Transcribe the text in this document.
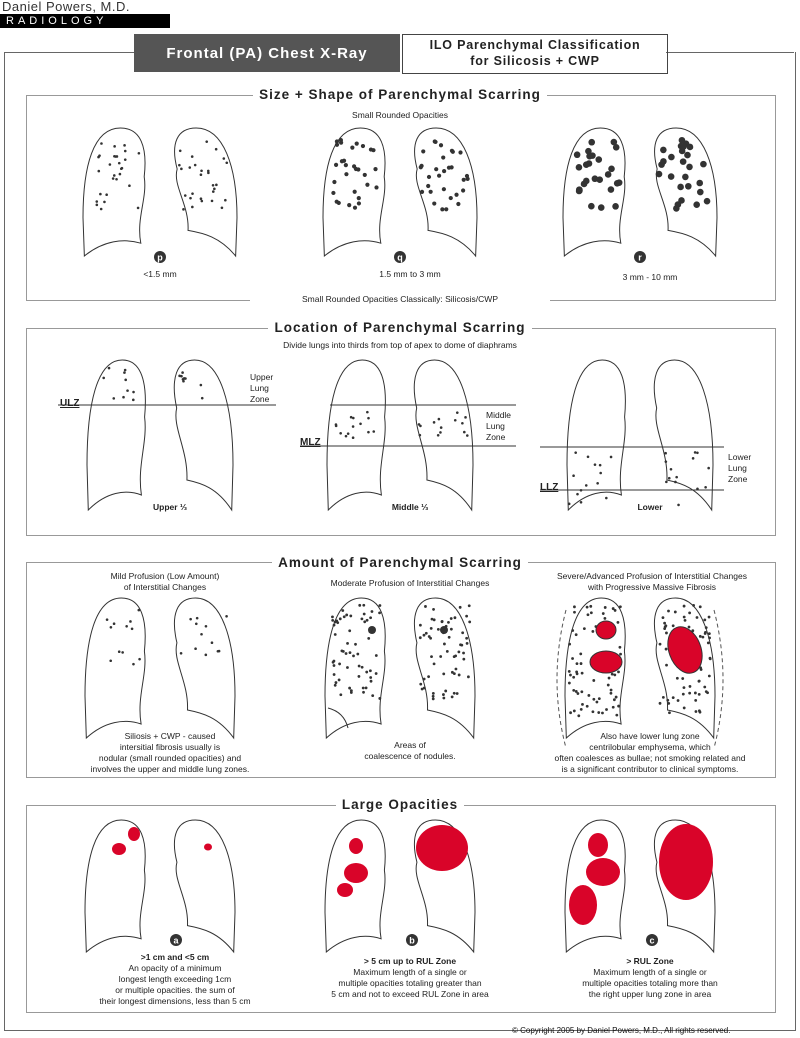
Daniel Powers, M.D.
RADIOLOGY
Frontal (PA) Chest X-Ray	ILO Parenchymal Classification
for Silicosis + CWP
p	q	r
a	b	c
Size + Shape of Parenchymal Scarring
Location of Parenchymal Scarring
Amount of Parenchymal Scarring
Large Opacities
Small Rounded Opacities
<1.5 mm	1.5 mm to 3 mm	3 mm - 10 mm
Small Rounded Opacities Classically: Silicosis/CWP
Divide lungs into thirds from top of apex to dome of diaphrams
ULZ
Upper
Lung
Zone
Upper ⅓
MLZ
Middle
Lung
Zone
Middle ⅓
LLZ
Lower
Lung
Zone
Lower
Mild Profusion (Low Amount)
of Interstitial Changes	Moderate Profusion of Interstitial Changes
Severe/Advanced Profusion of Interstitial Changes
with Progressive Massive Fibrosis
Siliosis + CWP - caused
intersitial fibrosis usually is
nodular (small rounded opacities) and
involves the upper and middle lung zones.
Areas of
coalescence of nodules.
Also have lower lung zone
centrilobular emphysema, which
often coalesces as bullae; not smoking related and
is a significant contributor to clinical symptoms.
>1 cm and <5 cm
An opacity of a minimum
longest length exceeding 1cm
or multiple opacities. the sum of
their longest dimensions, less than 5 cm
> 5 cm up to RUL Zone
Maximum length of a single or
multiple opacities totaling greater than
5 cm and not to exceed RUL Zone in area
> RUL Zone
Maximum length of a single or
multiple opacities totaling more than
the right upper lung zone in area
© Copyright 2005 by Daniel Powers, M.D., All rights reserved.
